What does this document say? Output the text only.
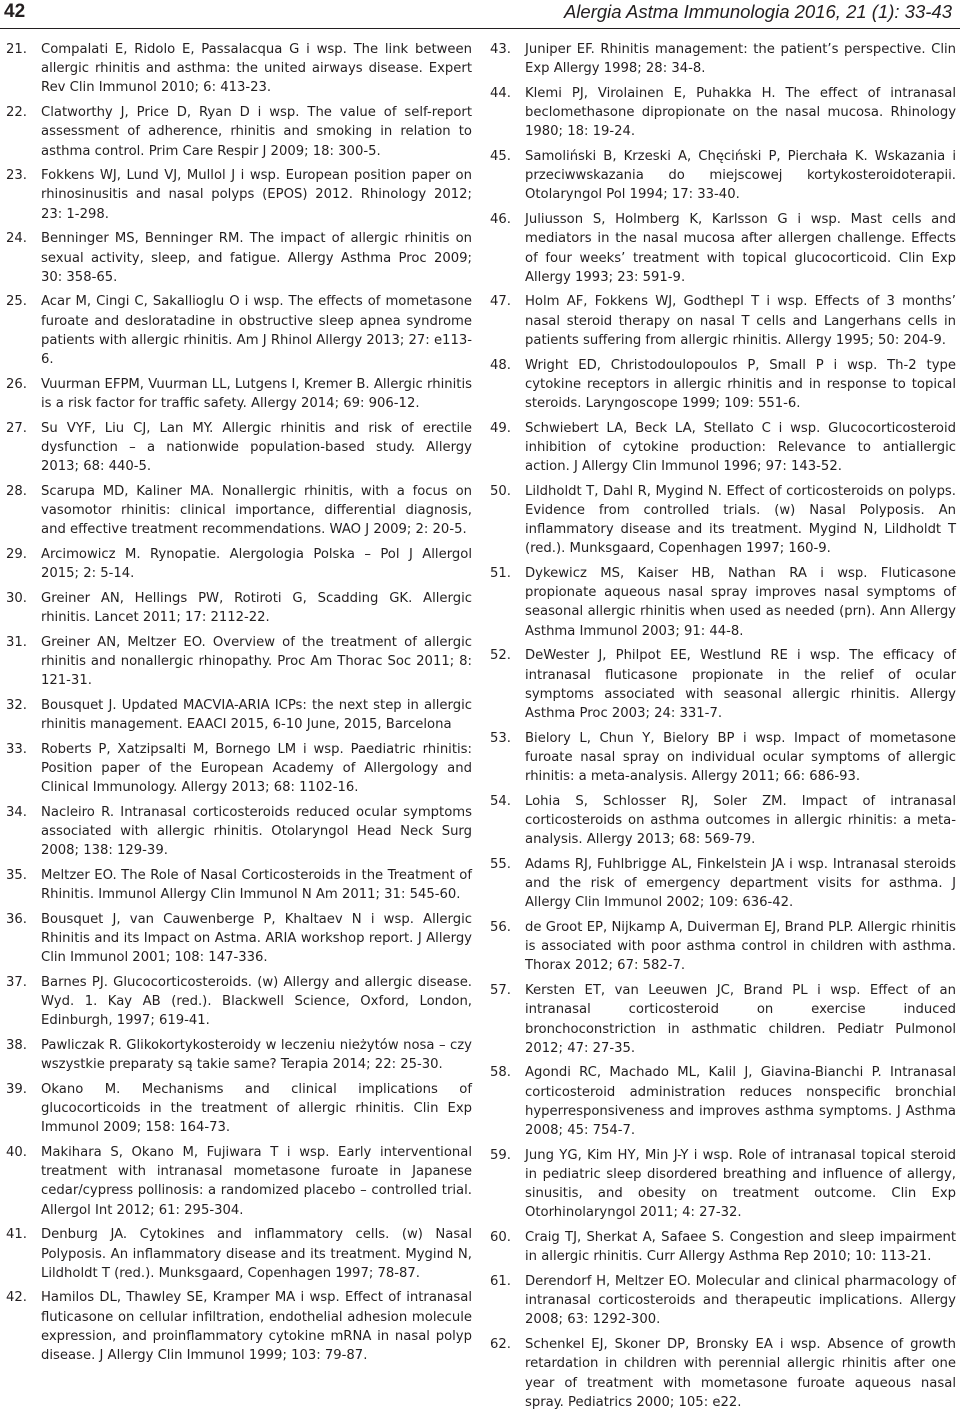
42	Alergia Astma Immunologia 2016, 21 (1): 33-43
21. Compalati E, Ridolo E, Passalacqua G i wsp. The link between allergic rhinitis and asthma: the united airways disease. Expert Rev Clin Immunol 2010; 6: 413-23.
22. Clatworthy J, Price D, Ryan D i wsp. The value of self-report assessment of adherence, rhinitis and smoking in relation to asthma control. Prim Care Respir J 2009; 18: 300-5.
23. Fokkens WJ, Lund VJ, Mullol J i wsp. European position paper on rhinosinusitis and nasal polyps (EPOS) 2012. Rhinology 2012; 23: 1-298.
24. Benninger MS, Benninger RM. The impact of allergic rhinitis on sexual activity, sleep, and fatigue. Allergy Asthma Proc 2009; 30: 358-65.
25. Acar M, Cingi C, Sakallioglu O i wsp. The effects of mometasone furoate and desloratadine in obstructive sleep apnea syndrome patients with allergic rhinitis. Am J Rhinol Allergy 2013; 27: e113-6.
26. Vuurman EFPM, Vuurman LL, Lutgens I, Kremer B. Allergic rhinitis is a risk factor for traffic safety. Allergy 2014; 69: 906-12.
27. Su VYF, Liu CJ, Lan MY. Allergic rhinitis and risk of erectile dysfunction – a nationwide population-based study. Allergy 2013; 68: 440-5.
28. Scarupa MD, Kaliner MA. Nonallergic rhinitis, with a focus on vasomotor rhinitis: clinical importance, differential diagnosis, and effective treatment recommendations. WAO J 2009; 2: 20-5.
29. Arcimowicz M. Rynopatie. Alergologia Polska – Pol J Allergol 2015; 2: 5-14.
30. Greiner AN, Hellings PW, Rotiroti G, Scadding GK. Allergic rhinitis. Lancet 2011; 17: 2112-22.
31. Greiner AN, Meltzer EO. Overview of the treatment of allergic rhinitis and nonallergic rhinopathy. Proc Am Thorac Soc 2011; 8: 121-31.
32. Bousquet J. Updated MACVIA-ARIA ICPs: the next step in allergic rhinitis management. EAACI 2015, 6-10 June, 2015, Barcelona
33. Roberts P, Xatzipsalti M, Bornego LM i wsp. Paediatric rhinitis: Position paper of the European Academy of Allergology and Clinical Immunology. Allergy 2013; 68: 1102-16.
34. Nacleiro R. Intranasal corticosteroids reduced ocular symptoms associated with allergic rhinitis. Otolaryngol Head Neck Surg 2008; 138: 129-39.
35. Meltzer EO. The Role of Nasal Corticosteroids in the Treatment of Rhinitis. Immunol Allergy Clin Immunol N Am 2011; 31: 545-60.
36. Bousquet J, van Cauwenberge P, Khaltaev N i wsp. Allergic Rhinitis and its Impact on Astma. ARIA workshop report. J Allergy Clin Immunol 2001; 108: 147-336.
37. Barnes PJ. Glucocorticosteroids. (w) Allergy and allergic disease. Wyd. 1. Kay AB (red.). Blackwell Science, Oxford, London, Edinburgh, 1997; 619-41.
38. Pawliczak R. Glikokortykosteroidy w leczeniu nieżytów nosa – czy wszystkie preparaty są takie same? Terapia 2014; 22: 25-30.
39. Okano M. Mechanisms and clinical implications of glucocorticoids in the treatment of allergic rhinitis. Clin Exp Immunol 2009; 158: 164-73.
40. Makihara S, Okano M, Fujiwara T i wsp. Early interventional treatment with intranasal mometasone furoate in Japanese cedar/cypress pollinosis: a randomized placebo – controlled trial. Allergol Int 2012; 61: 295-304.
41. Denburg JA. Cytokines and inflammatory cells. (w) Nasal Polyposis. An inflammatory disease and its treatment. Mygind N, Lildholdt T (red.). Munksgaard, Copenhagen 1997; 78-87.
42. Hamilos DL, Thawley SE, Kramper MA i wsp. Effect of intranasal fluticasone on cellular infiltration, endothelial adhesion molecule expression, and proinflammatory cytokine mRNA in nasal polyp disease. J Allergy Clin Immunol 1999; 103: 79-87.
43. Juniper EF. Rhinitis management: the patient’s perspective. Clin Exp Allergy 1998; 28: 34-8.
44. Klemi PJ, Virolainen E, Puhakka H. The effect of intranasal beclomethasone dipropionate on the nasal mucosa. Rhinology 1980; 18: 19-24.
45. Samoliński B, Krzeski A, Chęciński P, Pierchała K. Wskazania i przeciwwskazania do miejscowej kortykosteroidoterapii. Otolaryngol Pol 1994; 17: 33-40.
46. Juliusson S, Holmberg K, Karlsson G i wsp. Mast cells and mediators in the nasal mucosa after allergen challenge. Effects of four weeks’ treatment with topical glucocorticoid. Clin Exp Allergy 1993; 23: 591-9.
47. Holm AF, Fokkens WJ, Godthepl T i wsp. Effects of 3 months’ nasal steroid therapy on nasal T cells and Langerhans cells in patients suffering from allergic rhinitis. Allergy 1995; 50: 204-9.
48. Wright ED, Christodoulopoulos P, Small P i wsp. Th-2 type cytokine receptors in allergic rhinitis and in response to topical steroids. Laryngoscope 1999; 109: 551-6.
49. Schwiebert LA, Beck LA, Stellato C i wsp. Glucocorticosteroid inhibition of cytokine production: Relevance to antiallergic action. J Allergy Clin Immunol 1996; 97: 143-52.
50. Lildholdt T, Dahl R, Mygind N. Effect of corticosteroids on polyps. Evidence from controlled trials. (w) Nasal Polyposis. An inflammatory disease and its treatment. Mygind N, Lildholdt T (red.). Munksgaard, Copenhagen 1997; 160-9.
51. Dykewicz MS, Kaiser HB, Nathan RA i wsp. Fluticasone propionate aqueous nasal spray improves nasal symptoms of seasonal allergic rhinitis when used as needed (prn). Ann Allergy Asthma Immunol 2003; 91: 44-8.
52. DeWester J, Philpot EE, Westlund RE i wsp. The efficacy of intranasal fluticasone propionate in the relief of ocular symptoms associated with seasonal allergic rhinitis. Allergy Asthma Proc 2003; 24: 331-7.
53. Bielory L, Chun Y, Bielory BP i wsp. Impact of mometasone furoate nasal spray on individual ocular symptoms of allergic rhinitis: a meta-analysis. Allergy 2011; 66: 686-93.
54. Lohia S, Schlosser RJ, Soler ZM. Impact of intranasal corticosteroids on asthma outcomes in allergic rhinitis: a meta-analysis. Allergy 2013; 68: 569-79.
55. Adams RJ, Fuhlbrigge AL, Finkelstein JA i wsp. Intranasal steroids and the risk of emergency department visits for asthma. J Allergy Clin Immunol 2002; 109: 636-42.
56. de Groot EP, Nijkamp A, Duiverman EJ, Brand PLP. Allergic rhinitis is associated with poor asthma control in children with asthma. Thorax 2012; 67: 582-7.
57. Kersten ET, van Leeuwen JC, Brand PL i wsp. Effect of an intranasal corticosteroid on exercise induced bronchoconstriction in asthmatic children. Pediatr Pulmonol 2012; 47: 27-35.
58. Agondi RC, Machado ML, Kalil J, Giavina-Bianchi P. Intranasal corticosteroid administration reduces nonspecific bronchial hyperresponsiveness and improves asthma symptoms. J Asthma 2008; 45: 754-7.
59. Jung YG, Kim HY, Min J-Y i wsp. Role of intranasal topical steroid in pediatric sleep disordered breathing and influence of allergy, sinusitis, and obesity on treatment outcome. Clin Exp Otorhinolaryngol 2011; 4: 27-32.
60. Craig TJ, Sherkat A, Safaee S. Congestion and sleep impairment in allergic rhinitis. Curr Allergy Asthma Rep 2010; 10: 113-21.
61. Derendorf H, Meltzer EO. Molecular and clinical pharmacology of intranasal corticosteroids and therapeutic implications. Allergy 2008; 63: 1292-300.
62. Schenkel EJ, Skoner DP, Bronsky EA i wsp. Absence of growth retardation in children with perennial allergic rhinitis after one year of treatment with mometasone furoate aqueous nasal spray. Pediatrics 2000; 105: e22.
